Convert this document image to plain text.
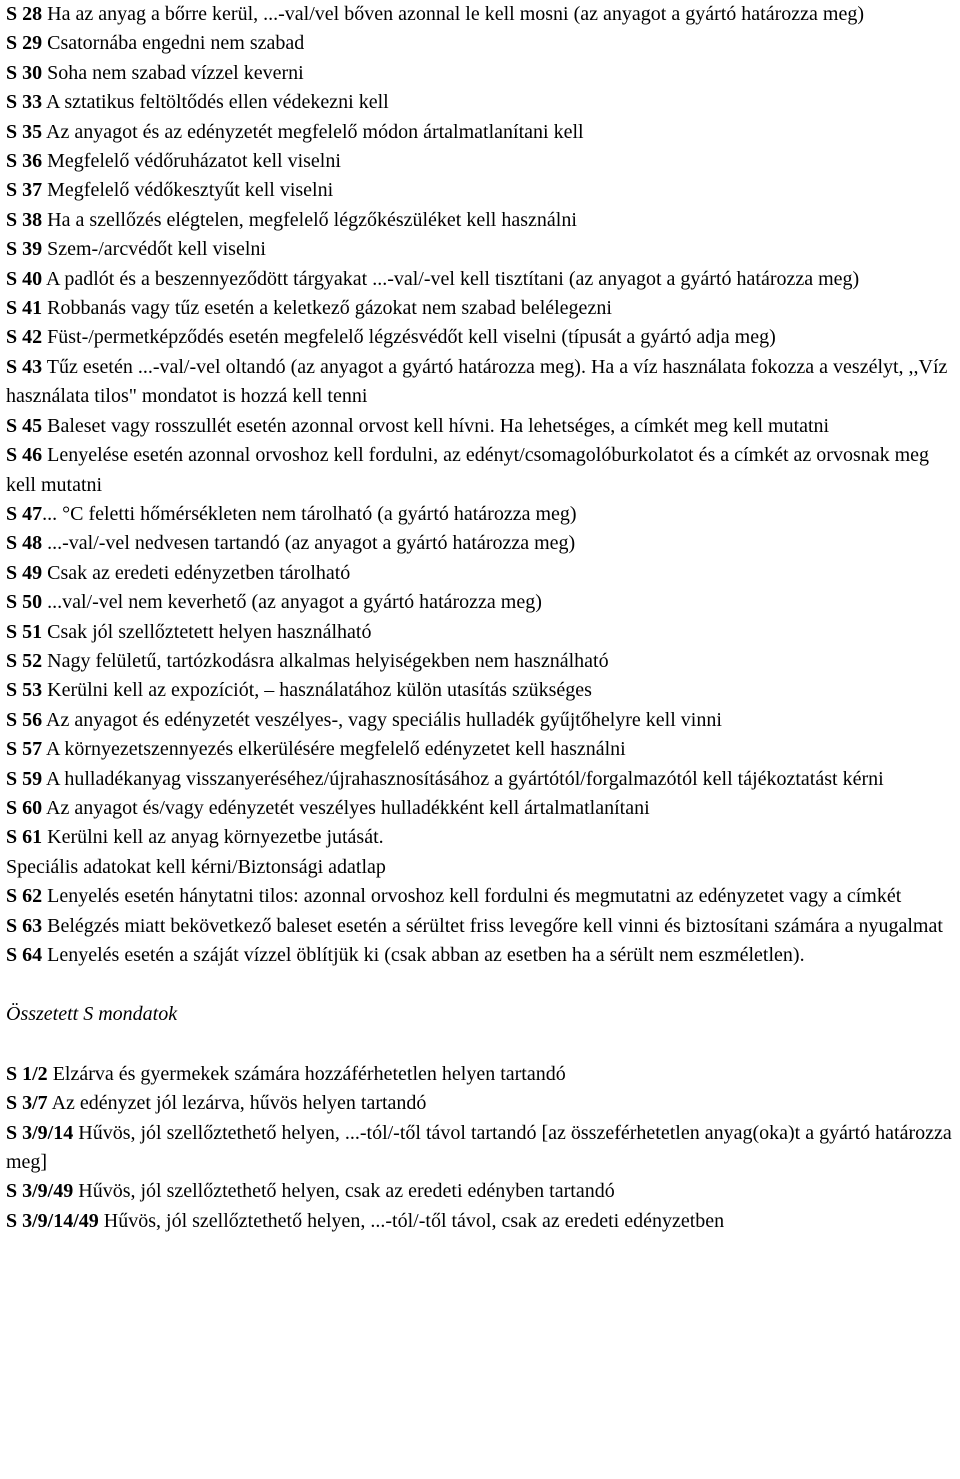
S 28 Ha az anyag a bőrre kerül, ...-val/vel bőven azonnal le kell mosni (az anyagot a gyártó határozza meg)

S 29 Csatornába engedni nem szabad

S 30 Soha nem szabad vízzel keverni

S 33 A sztatikus feltöltődés ellen védekezni kell

S 35 Az anyagot és az edényzetét megfelelő módon ártalmatlanítani kell

S 36 Megfelelő védőruházatot kell viselni

S 37 Megfelelő védőkesztyűt kell viselni

S 38 Ha a szellőzés elégtelen, megfelelő légzőkészüléket kell használni

S 39 Szem-/arcvédőt kell viselni

S 40 A padlót és a beszennyeződött tárgyakat ...-val/-vel kell tisztítani (az anyagot a gyártó határozza meg)

S 41 Robbanás vagy tűz esetén a keletkező gázokat nem szabad belélegezni

S 42 Füst-/permetképződés esetén megfelelő légzésvédőt kell viselni (típusát a gyártó adja meg)

S 43 Tűz esetén ...-val/-vel oltandó (az anyagot a gyártó határozza meg). Ha a víz használata fokozza a veszélyt, ,,Víz használata tilos" mondatot is hozzá kell tenni

S 45 Baleset vagy rosszullét esetén azonnal orvost kell hívni. Ha lehetséges, a címkét meg kell mutatni

S 46 Lenyelése esetén azonnal orvoshoz kell fordulni, az edényt/csomagolóburkolatot és a címkét az orvosnak meg kell mutatni

S 47... °C feletti hőmérsékleten nem tárolható (a gyártó határozza meg)

S 48 ...-val/-vel nedvesen tartandó (az anyagot a gyártó határozza meg)

S 49 Csak az eredeti edényzetben tárolható

S 50 ...val/-vel nem keverhető (az anyagot a gyártó határozza meg)

S 51 Csak jól szellőztetett helyen használható

S 52 Nagy felületű, tartózkodásra alkalmas helyiségekben nem használható

S 53 Kerülni kell az expozíciót, – használatához külön utasítás szükséges

S 56 Az anyagot és edényzetét veszélyes-, vagy speciális hulladék gyűjtőhelyre kell vinni

S 57 A környezetszennyezés elkerülésére megfelelő edényzetet kell használni

S 59 A hulladékanyag visszanyeréséhez/újrahasznosításához a gyártótól/forgalmazótól kell tájékoztatást kérni

S 60 Az anyagot és/vagy edényzetét veszélyes hulladékként kell ártalmatlanítani

S 61 Kerülni kell az anyag környezetbe jutását.

Speciális adatokat kell kérni/Biztonsági adatlap

S 62 Lenyelés esetén hánytatni tilos: azonnal orvoshoz kell fordulni és megmutatni az edényzetet vagy a címkét

S 63 Belégzés miatt bekövetkező baleset esetén a sérültet friss levegőre kell vinni és biztosítani számára a nyugalmat

S 64 Lenyelés esetén a száját vízzel öblítjük ki (csak abban az esetben ha a sérült nem eszméletlen).

Összetett S mondatok

S 1/2 Elzárva és gyermekek számára hozzáférhetetlen helyen tartandó

S 3/7 Az edényzet jól lezárva, hűvös helyen tartandó

S 3/9/14 Hűvös, jól szellőztethető helyen, ...-tól/-től távol tartandó [az összeférhetetlen anyag(oka)t a gyártó határozza meg]

S 3/9/49 Hűvös, jól szellőztethető helyen, csak az eredeti edényben tartandó

S 3/9/14/49 Hűvös, jól szellőztethető helyen, ...-tól/-től távol, csak az eredeti edényzetben
